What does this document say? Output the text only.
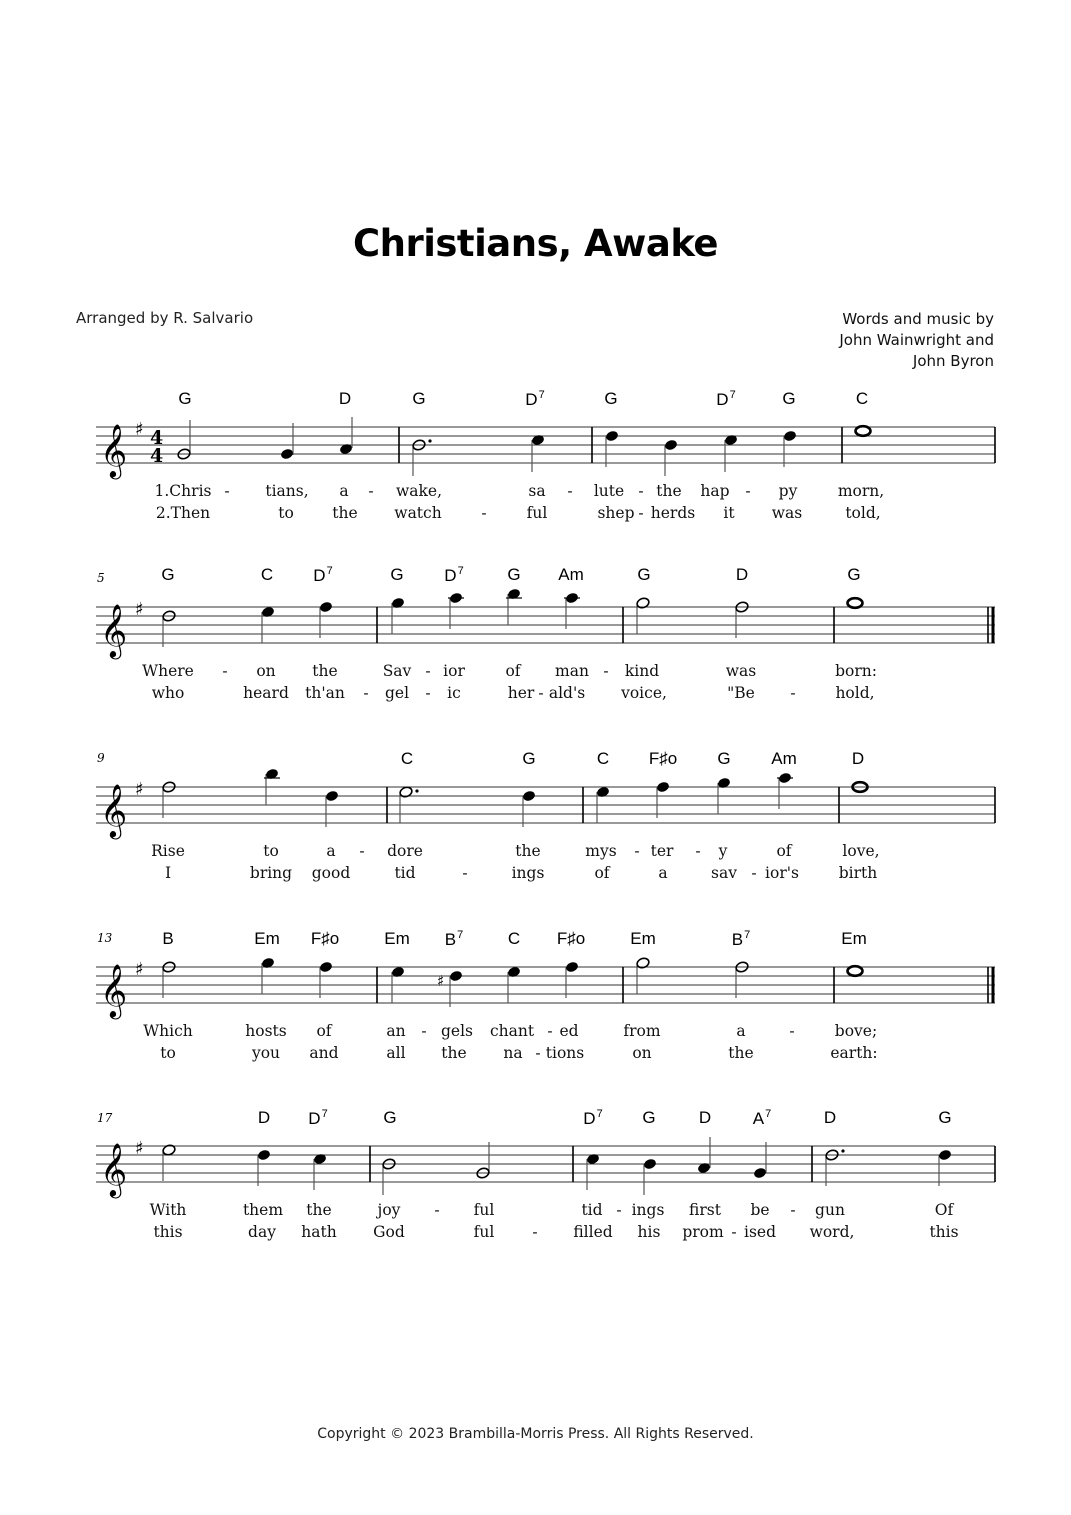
Christians, Awake
Arranged by R. Salvario	Words and music by
John Wainwright and
John Byron
𝄞 ♯ 4
4
G	D	G	$D^7$	G	$D^7$	G	C
1.Chris - tians, a - wake,	sa - lute - the hap - py	morn,
2.Then	to the watch	-	ful	shep - herds it was	told,
5
𝄞 ♯
G	C $D^7$	G $D^7$	G Am	G	D	G
Where - on the	Sav - ior	of man - kind	was	born:
who	heard th'an - gel - ic	her - ald's voice,	"Be -	hold,
9
𝄞 ♯
C	G	C F♯o G Am	D
Rise	to	a - dore	the	mys - ter - y	of	love,
I	bring good	tid	-	ings	of	a	sav - ior's	birth
13
𝄞 ♯
♯
B	Em F♯o	Em $B^7$	C F♯o	Em	$B^7$	Em
Which	hosts of	an - gels chant - ed	from	a	-	bove;
to	you and	all the na - tions	on	the	earth:
17
𝄞 ♯
D $D^7$	G	$D^7$ G	D $A^7$	D	G
With	them the	joy - ful	tid - ings first be - gun	Of
this	day hath God	ful - filled his prom - ised word,	this
Copyright © 2023 Brambilla-Morris Press. All Rights Reserved.
